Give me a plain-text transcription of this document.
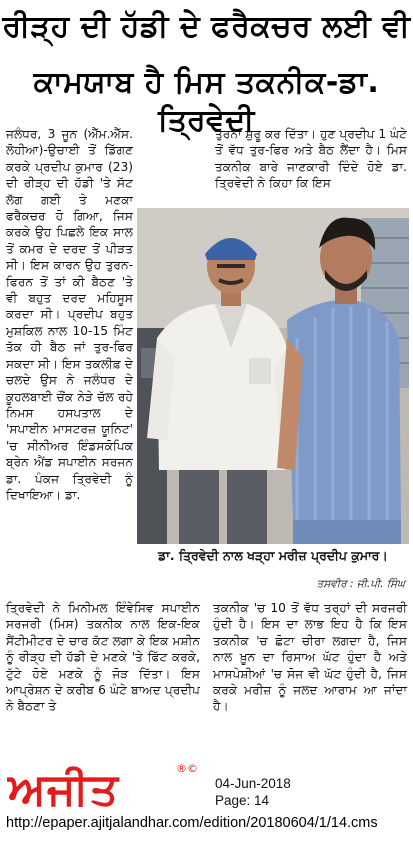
ਰੀੜ੍ਹ ਦੀ ਹੱਡੀ ਦੇ ਫਰੈਕਚਰ ਲਈ ਵੀ
ਕਾਮਯਾਬ ਹੈ ਮਿਸ ਤਕਨੀਕ-ਡਾ. ਤ੍ਰਿਵੇਦੀ

ਜਲੰਧਰ, 3 ਜੂਨ (ਐੱਮ.ਐੱਸ. ਲੋਹੀਆ)-ਉਚਾਈ ਤੋਂ ਡਿੱਗਣ ਕਰਕੇ ਪ੍ਰਦੀਪ ਕੁਮਾਰ (23) ਦੀ ਰੀੜ੍ਹ ਦੀ ਹੱਡੀ 'ਤੇ ਸੱਟ ਲੱਗ ਗਈ ਤੇ ਮਣਕਾ ਫਰੈਕਚਰ ਹੋ ਗਿਆ, ਜਿਸ ਕਰਕੇ ਉਹ ਪਿਛਲੇ ਇਕ ਸਾਲ ਤੋਂ ਕਮਰ ਦੇ ਦਰਦ ਤੋਂ ਪੀੜਤ ਸੀ। ਇਸ ਕਾਰਨ ਉਹ ਤੁਰਨ-ਫਿਰਨ ਤੋਂ ਤਾਂ ਕੀ ਬੈਠਣ 'ਤੇ ਵੀ ਬਹੁਤ ਦਰਦ ਮਹਿਸੂਸ ਕਰਦਾ ਸੀ। ਪ੍ਰਦੀਪ ਬਹੁਤ ਮੁਸ਼ਕਿਲ ਨਾਲ 10-15 ਮਿੰਟ ਤੱਕ ਹੀ ਬੈਠ ਜਾਂ ਤੁਰ-ਫਿਰ ਸਕਦਾ ਸੀ। ਇਸ ਤਕਲੀਫ਼ ਦੇ ਚਲਦੇ ਉਸ ਨੇ ਜਲੰਧਰ ਦੇ ਕੂਹਲਬਾਈ ਚੌਂਕ ਨੇੜੇ ਚੱਲ ਰਹੇ ਨਿਮਸ ਹਸਪਤਾਲ ਦੇ 'ਸਪਾਈਨ ਮਾਸਟਰਜ਼ ਯੂਨਿਟ' 'ਚ ਸੀਨੀਅਰ ਇੰਡਸਕੋਪਿਕ ਬ੍ਰੇਨ ਐਂਡ ਸਪਾਈਨ ਸਰਜਨ ਡਾ. ਪੰਕਜ ਤ੍ਰਿਵੇਦੀ ਨੂੰ ਦਿਖਾਇਆ। ਡਾ.

ਤੁਰਨਾ ਸ਼ੁਰੂ ਕਰ ਦਿੱਤਾ। ਹੁਣ ਪ੍ਰਦੀਪ 1 ਘੰਟੇ ਤੋਂ ਵੱਧ ਤੁਰ-ਫਿਰ ਅਤੇ ਬੈਠ ਲੈਂਦਾ ਹੈ। ਮਿਸ ਤਕਨੀਕ ਬਾਰੇ ਜਾਣਕਾਰੀ ਦਿੰਦੇ ਹੋਏ ਡਾ. ਤ੍ਰਿਵੇਦੀ ਨੇ ਕਿਹਾ ਕਿ ਇਸ

ਡਾ. ਤ੍ਰਿਵੇਦੀ ਨਾਲ ਖੜ੍ਹਾ ਮਰੀਜ਼ ਪ੍ਰਦੀਪ ਕੁਮਾਰ।
ਤਸਵੀਰ : ਜੀ.ਪੀ. ਸਿੰਘ

ਤ੍ਰਿਵੇਦੀ ਨੇ ਮਿਨੀਮਲ ਇੰਵੇਸਿਵ ਸਪਾਈਨ ਸਰਜਰੀ (ਮਿਸ) ਤਕਨੀਕ ਨਾਲ ਇਕ-ਇਕ ਸੈਂਟੀਮੀਟਰ ਦੇ ਚਾਰ ਕੱਟ ਲਗਾ ਕੇ ਇਕ ਮਸ਼ੀਨ ਨੂੰ ਰੀੜ੍ਹ ਦੀ ਹੱਡੀ ਦੇ ਮਣਕੇ 'ਤੇ ਫਿੱਟ ਕਰਕੇ, ਟੁੱਟੇ ਹੋਏ ਮਣਕੇ ਨੂੰ ਜੋੜ ਦਿੱਤਾ। ਇਸ ਆਪ੍ਰੇਸ਼ਨ ਦੇ ਕਰੀਬ 6 ਘੰਟੇ ਬਾਅਦ ਪ੍ਰਦੀਪ ਨੇ ਬੈਠਣਾ ਤੇ

ਤਕਨੀਕ 'ਚ 10 ਤੋਂ ਵੱਧ ਤਰ੍ਹਾਂ ਦੀ ਸਰਜਰੀ ਹੁੰਦੀ ਹੈ। ਇਸ ਦਾ ਲਾਭ ਇਹ ਹੈ ਕਿ ਇਸ ਤਕਨੀਕ 'ਚ ਛੋਟਾ ਚੀਰਾ ਲਗਦਾ ਹੈ, ਜਿਸ ਨਾਲ ਖ਼ੂਨ ਦਾ ਰਿਸਾਅ ਘੱਟ ਹੁੰਦਾ ਹੈ ਅਤੇ ਮਾਸਪੇਸ਼ੀਆਂ 'ਚ ਸੋਜ ਵੀ ਘੱਟ ਹੁੰਦੀ ਹੈ, ਜਿਸ ਕਰਕੇ ਮਰੀਜ਼ ਨੂੰ ਜਲਦ ਆਰਾਮ ਆ ਜਾਂਦਾ ਹੈ।

ਅਜੀਤ	®©
04-Jun-2018
Page: 14
http://epaper.ajitjalandhar.com/edition/20180604/1/14.cms
